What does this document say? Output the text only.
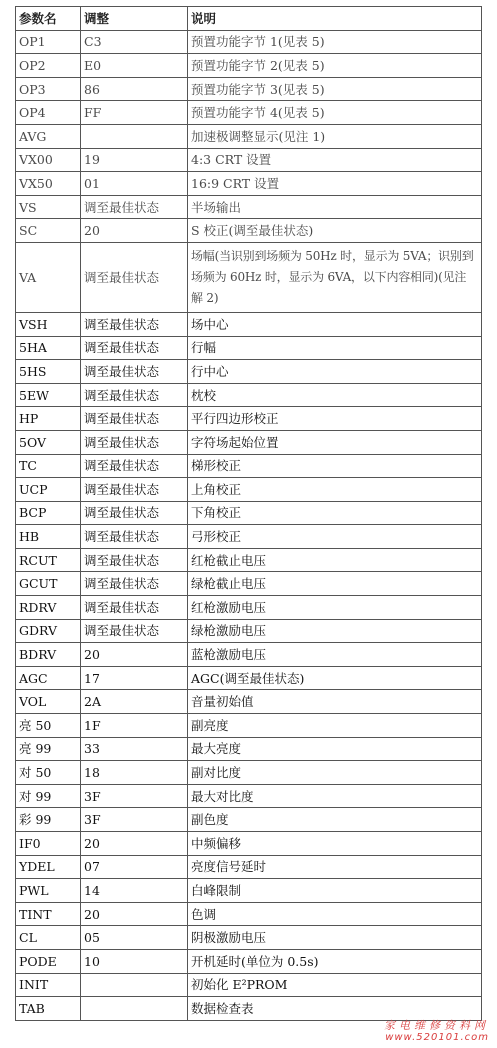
参数名	调整	说明
OP1	C3	预置功能字节 1(见表 5)
OP2	E0	预置功能字节 2(见表 5)
OP3	86	预置功能字节 3(见表 5)
OP4	FF	预置功能字节 4(见表 5)
AVG		加速极调整显示(见注 1)
VX00	19	4:3 CRT 设置
VX50	01	16:9 CRT 设置
VS	调至最佳状态	半场输出
SC	20	S 校正(调至最佳状态)
VA	调至最佳状态	场幅(当识别到场频为 50Hz 时，显示为 5VA；识别到场频为 60Hz 时，显示为 6VA，以下内容相同)(见注解 2)
VSH	调至最佳状态	场中心
5HA	调至最佳状态	行幅
5HS	调至最佳状态	行中心
5EW	调至最佳状态	枕校
HP	调至最佳状态	平行四边形校正
5OV	调至最佳状态	字符场起始位置
TC	调至最佳状态	梯形校正
UCP	调至最佳状态	上角校正
BCP	调至最佳状态	下角校正
HB	调至最佳状态	弓形校正
RCUT	调至最佳状态	红枪截止电压
GCUT	调至最佳状态	绿枪截止电压
RDRV	调至最佳状态	红枪激励电压
GDRV	调至最佳状态	绿枪激励电压
BDRV	20	蓝枪激励电压
AGC	17	AGC(调至最佳状态)
VOL	2A	音量初始值
亮 50	1F	副亮度
亮 99	33	最大亮度
对 50	18	副对比度
对 99	3F	最大对比度
彩 99	3F	副色度
IF0	20	中频偏移
YDEL	07	亮度信号延时
PWL	14	白峰限制
TINT	20	色调
CL	05	阴极激励电压
PODE	10	开机延时(单位为 0.5s)
INIT		初始化 E²PROM
TAB		数据检查表
家电维修资料网
www.520101.com
